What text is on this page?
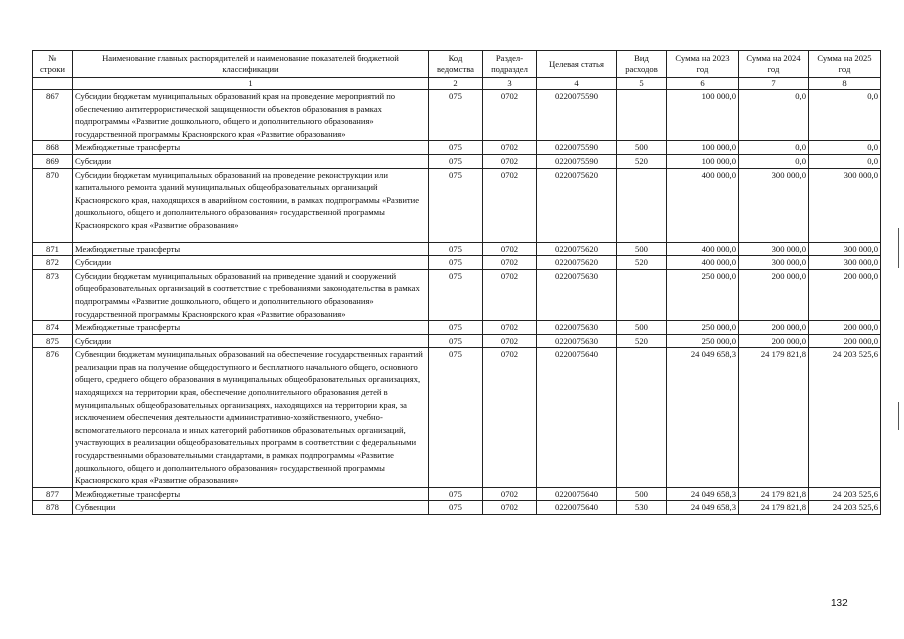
№ строки	Наименование главных распорядителей и наименование показателей бюджетной классификации	Код ведомства	Раздел-подраздел	Целевая статья	Вид расходов	Сумма на 2023 год	Сумма на 2024 год	Сумма на 2025 год
	1	2	3	4	5	6	7	8
867	Субсидии бюджетам муниципальных образований края на проведение мероприятий по обеспечению антитеррористической защищенности объектов образования в рамках подпрограммы «Развитие дошкольного, общего и дополнительного образования» государственной программы Красноярского края «Развитие образования»	075	0702	0220075590		100 000,0	0,0	0,0
868	Межбюджетные трансферты	075	0702	0220075590	500	100 000,0	0,0	0,0
869	Субсидии	075	0702	0220075590	520	100 000,0	0,0	0,0
870	Субсидии бюджетам муниципальных образований на проведение реконструкции или капитального ремонта зданий муниципальных общеобразовательных организаций Красноярского края, находящихся в аварийном состоянии, в рамках подпрограммы «Развитие дошкольного, общего и дополнительного образования» государственной программы Красноярского края «Развитие образования»	075	0702	0220075620		400 000,0	300 000,0	300 000,0
871	Межбюджетные трансферты	075	0702	0220075620	500	400 000,0	300 000,0	300 000,0
872	Субсидии	075	0702	0220075620	520	400 000,0	300 000,0	300 000,0
873	Субсидии бюджетам муниципальных образований на приведение зданий и сооружений общеобразовательных организаций в соответствие с требованиями законодательства в рамках подпрограммы «Развитие дошкольного, общего и дополнительного образования» государственной программы Красноярского края «Развитие образования»	075	0702	0220075630		250 000,0	200 000,0	200 000,0
874	Межбюджетные трансферты	075	0702	0220075630	500	250 000,0	200 000,0	200 000,0
875	Субсидии	075	0702	0220075630	520	250 000,0	200 000,0	200 000,0
876	Субвенции бюджетам муниципальных образований на обеспечение государственных гарантий реализации прав на получение общедоступного и бесплатного начального общего, основного общего, среднего общего образования в муниципальных общеобразовательных организациях, находящихся на территории края, обеспечение дополнительного образования детей в муниципальных общеобразовательных организациях, находящихся на территории края, за исключением обеспечения деятельности административно-хозяйственного, учебно-вспомогательного персонала и иных категорий работников образовательных организаций, участвующих в реализации общеобразовательных программ в соответствии с федеральными государственными образовательными стандартами, в рамках подпрограммы «Развитие дошкольного, общего и дополнительного образования» государственной программы Красноярского края «Развитие образования»	075	0702	0220075640		24 049 658,3	24 179 821,8	24 203 525,6
877	Межбюджетные трансферты	075	0702	0220075640	500	24 049 658,3	24 179 821,8	24 203 525,6
878	Субвенции	075	0702	0220075640	530	24 049 658,3	24 179 821,8	24 203 525,6
132
